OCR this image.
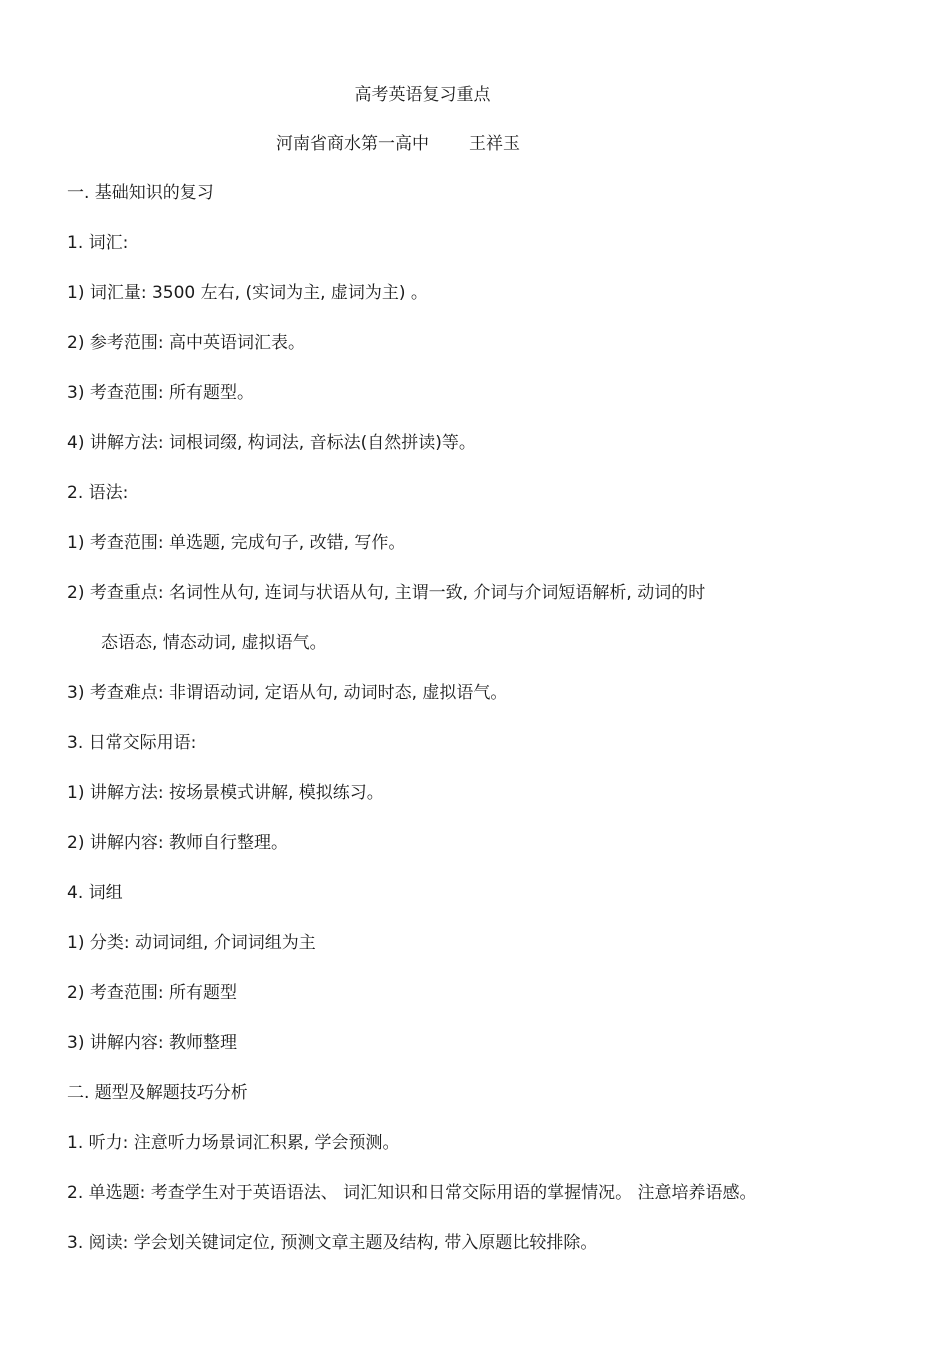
高考英语复习重点
河南省商水第一高中 王祥玉
一. 基础知识的复习
1. 词汇:
1) 词汇量: 3500 左右, (实词为主, 虚词为主) 。
2) 参考范围: 高中英语词汇表。
3) 考查范围: 所有题型。
4) 讲解方法: 词根词缀, 构词法, 音标法(自然拼读)等。
2. 语法:
1) 考查范围: 单选题, 完成句子, 改错, 写作。
2) 考查重点: 名词性从句, 连词与状语从句, 主谓一致, 介词与介词短语解析, 动词的时
态语态, 情态动词, 虚拟语气。
3) 考查难点: 非谓语动词, 定语从句, 动词时态, 虚拟语气。
3. 日常交际用语:
1) 讲解方法: 按场景模式讲解, 模拟练习。
2) 讲解内容: 教师自行整理。
4. 词组
1) 分类: 动词词组, 介词词组为主
2) 考查范围: 所有题型
3) 讲解内容: 教师整理
二. 题型及解题技巧分析
1. 听力: 注意听力场景词汇积累, 学会预测。
2. 单选题: 考查学生对于英语语法、 词汇知识和日常交际用语的掌握情况。 注意培养语感。
3. 阅读: 学会划关键词定位, 预测文章主题及结构, 带入原题比较排除。
